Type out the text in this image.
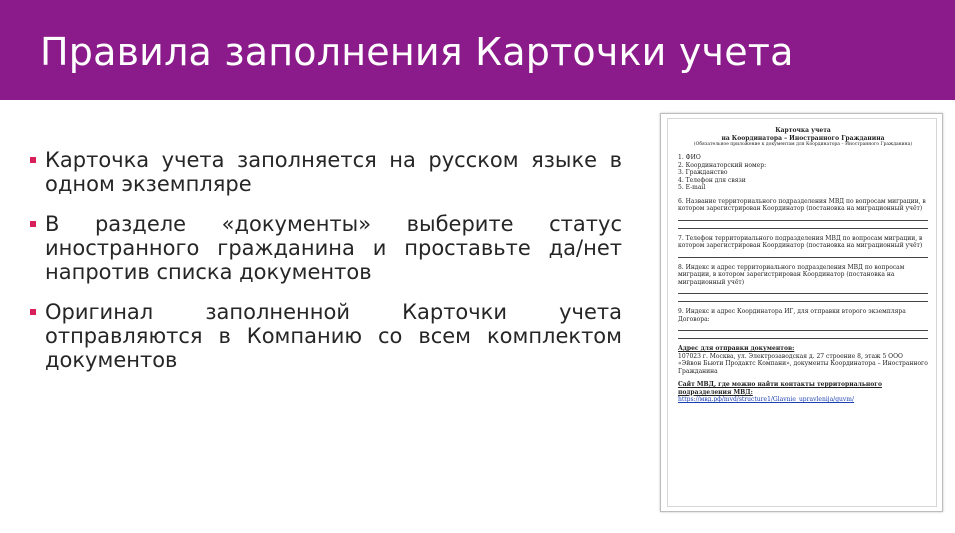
Правила заполнения Карточки учета
Карточка учета заполняется на русском языке в одном экземпляре
В разделе «документы» выберите статус иностранного гражданина и проставьте да/нет напротив списка документов
Оригинал заполненной Карточки учета отправляются в Компанию со всем комплектом документов
Карточка учета
на Координатора – Иностранного Гражданина
(Обязательное приложение к документам для Координатора – Иностранного Гражданина)
1. ФИО
2. Координаторский номер:
3. Гражданство
4. Телефон для связи
5. E-mail
6. Название территориального подразделения МВД по вопросам миграции, в котором зарегистрирован Координатор (постановка на миграционный учёт)
7. Телефон территориального подразделения МВД по вопросам миграции, в котором зарегистрирован Координатор (постановка на миграционный учёт)
8. Индекс и адрес территориального подразделения МВД по вопросам миграции, в котором зарегистрирован Координатор (постановка на миграционный учёт)
9. Индекс и адрес Координатора ИГ, для отправки второго экземпляра
Договора:
Адрес для отправки документов:
107023 г. Москва, ул. Электрозаводская д. 27 строение 8, этаж 5 ООО «Эйвон Бьюти Продактс Компани», документы Координатора – Иностранного Гражданина
Сайт МВД, где можно найти контакты территориального подразделения МВД:
https://мвд.рф/mvd/structure1/Glavnie_upravlenija/guvm/
